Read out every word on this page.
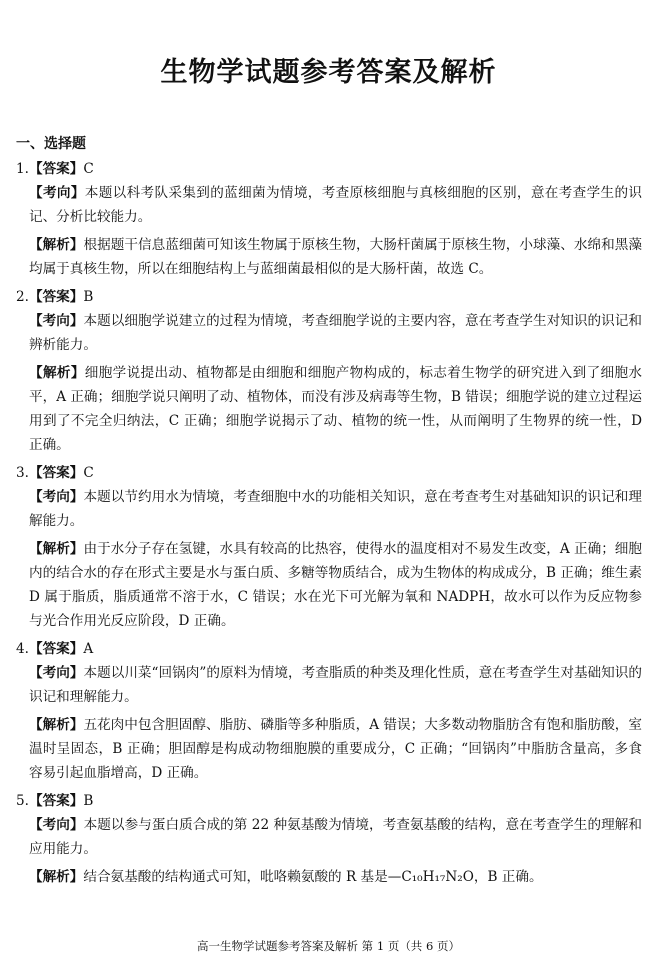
生物学试题参考答案及解析
一、选择题

1.【答案】C

【考向】本题以科考队采集到的蓝细菌为情境，考查原核细胞与真核细胞的区别，意在考查学生的识记、分析比较能力。

【解析】根据题干信息蓝细菌可知该生物属于原核生物，大肠杆菌属于原核生物，小球藻、水绵和黑藻均属于真核生物，所以在细胞结构上与蓝细菌最相似的是大肠杆菌，故选 C。

2.【答案】B

【考向】本题以细胞学说建立的过程为情境，考查细胞学说的主要内容，意在考查学生对知识的识记和辨析能力。

【解析】细胞学说提出动、植物都是由细胞和细胞产物构成的，标志着生物学的研究进入到了细胞水平，A 正确；细胞学说只阐明了动、植物体，而没有涉及病毒等生物，B 错误；细胞学说的建立过程运用到了不完全归纳法，C 正确；细胞学说揭示了动、植物的统一性，从而阐明了生物界的统一性，D 正确。

3.【答案】C

【考向】本题以节约用水为情境，考查细胞中水的功能相关知识，意在考查考生对基础知识的识记和理解能力。

【解析】由于水分子存在氢键，水具有较高的比热容，使得水的温度相对不易发生改变，A 正确；细胞内的结合水的存在形式主要是水与蛋白质、多糖等物质结合，成为生物体的构成成分，B 正确；维生素 D 属于脂质，脂质通常不溶于水，C 错误；水在光下可光解为氧和 NADPH，故水可以作为反应物参与光合作用光反应阶段，D 正确。

4.【答案】A

【考向】本题以川菜“回锅肉”的原料为情境，考查脂质的种类及理化性质，意在考查学生对基础知识的识记和理解能力。

【解析】五花肉中包含胆固醇、脂肪、磷脂等多种脂质，A 错误；大多数动物脂肪含有饱和脂肪酸，室温时呈固态，B 正确；胆固醇是构成动物细胞膜的重要成分，C 正确；“回锅肉”中脂肪含量高，多食容易引起血脂增高，D 正确。

5.【答案】B

【考向】本题以参与蛋白质合成的第 22 种氨基酸为情境，考查氨基酸的结构，意在考查学生的理解和应用能力。

【解析】结合氨基酸的结构通式可知，吡咯赖氨酸的 R 基是—C₁₀H₁₇N₂O，B 正确。

高一生物学试题参考答案及解析 第 1 页（共 6 页）
